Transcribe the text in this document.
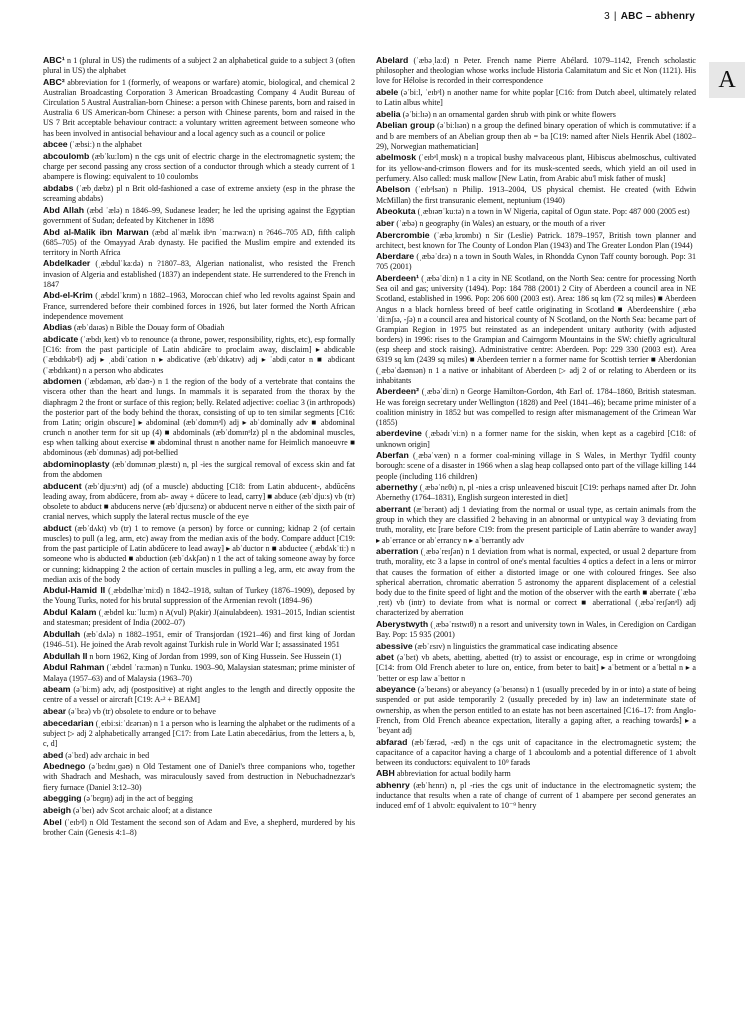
3 | ABC – abhenry
A
ABC¹ n 1 (plural in US) the rudiments of a subject 2 an alphabetical guide to a subject 3 (often plural in US) the alphabet
ABC² abbreviation for 1 (formerly, of weapons or warfare) atomic, biological, and chemical 2 Australian Broadcasting Corporation 3 American Broadcasting Company 4 Audit Bureau of Circulation 5 Austral Australian-born Chinese: a person with Chinese parents, born and raised in Australia 6 US American-born Chinese: a person with Chinese parents, born and raised in the US 7 Brit acceptable behaviour contract: a voluntary written agreement between someone who has been involved in antisocial behaviour and a local agency such as a council or police
abcee (ˈæbsiː) n the alphabet
abcoulomb (æbˈkuːlɒm) n the cgs unit of electric charge in the electromagnetic system; the charge per second passing any cross section of a conductor through which a steady current of 1 abampere is flowing: equivalent to 10 coulombs
abdabs (ˈæbˌdæbz) pl n Brit old-fashioned a case of extreme anxiety (esp in the phrase the screaming abdabs)
Abd Allah (æbd ˈælə) n 1846–99, Sudanese leader; he led the uprising against the Egyptian government of Sudan; defeated by Kitchener in 1898
Abd al-Malik ibn Marwan (æbd alˈmælɪk ibᵊn ˈmaːrwaːn) n ?646–705 AD, fifth caliph (685–705) of the Omayyad Arab dynasty. He pacified the Muslim empire and extended its territory in North Africa
Abdelkader (ˌæbdulˈkaːdə) n ?1807–83, Algerian nationalist, who resisted the French invasion of Algeria and established (1837) an independent state. He surrendered to the French in 1847
Abd-el-Krim (ˌæbdɛlˈkrɪm) n 1882–1963, Moroccan chief who led revolts against Spain and France, surrendered before their combined forces in 1926, but later formed the North African independence movement
Abdias (æbˈdaɪəs) n Bible the Douay form of Obadiah
abdicate (ˈæbdɪˌkeɪt) vb to renounce (a throne, power, responsibility, rights, etc), esp formally [C16: from the past participle of Latin abdicāre to proclaim away, disclaim] ▸ abdicable (ˈæbdɪkəbᵊl) adj ▸ ˌabdiˈcation n ▸ abdicative (æbˈdɪkətɪv) adj ▸ ˈabdiˌcator n ■ abdicant (ˈæbdɪkənt) n a person who abdicates
abdomen (ˈæbdəmən, æbˈdəʊ-) n 1 the region of the body of a vertebrate that contains the viscera other than the heart and lungs. In mammals it is separated from the thorax by the diaphragm 2 the front or surface of this region; belly. Related adjective: coeliac 3 (in arthropods) the posterior part of the body behind the thorax, consisting of up to ten similar segments [C16: from Latin; origin obscure] ▸ abdominal (æbˈdɒmɪnᵊl) adj ▸ abˈdominally adv ■ abdominal crunch n another term for sit up (4) ■ abdominals (æbˈdɒmɪnᵊlz) pl n the abdominal muscles, esp when talking about exercise ■ abdominal thrust n another name for Heimlich manoeuvre ■ abdominous (æbˈdɒmɪnəs) adj pot-bellied
abdominoplasty (æbˈdɒmɪnəʊˌplæstɪ) n, pl -ies the surgical removal of excess skin and fat from the abdomen
abducent (æbˈdjuːsᵊnt) adj (of a muscle) abducting [C18: from Latin abducent-, abdūcēns leading away, from abdūcere, from ab- away + dūcere to lead, carry] ■ abduce (æbˈdjuːs) vb (tr) obsolete to abduct ■ abducens nerve (æbˈdjuːsɛnz) or abducent nerve n either of the sixth pair of cranial nerves, which supply the lateral rectus muscle of the eye
abduct (æbˈdʌkt) vb (tr) 1 to remove (a person) by force or cunning; kidnap 2 (of certain muscles) to pull (a leg, arm, etc) away from the median axis of the body. Compare adduct [C19: from the past participle of Latin abdūcere to lead away] ▸ abˈductor n ■ abductee (ˌæbdʌkˈtiː) n someone who is abducted ■ abduction (æbˈdʌkʃən) n 1 the act of taking someone away by force or cunning; kidnapping 2 the action of certain muscles in pulling a leg, arm, etc away from the median axis of the body
Abdul-Hamid II (ˌæbdʊlhæˈmiːd) n 1842–1918, sultan of Turkey (1876–1909), deposed by the Young Turks, noted for his brutal suppression of the Armenian revolt (1894–96)
Abdul Kalam (ˌæbdʊl kuːˈluːm) n A(vul) P(akir) J(ainulabdeen). 1931–2015, Indian scientist and statesman; president of India (2002–07)
Abdullah (æbˈdʌlə) n 1882–1951, emir of Transjordan (1921–46) and first king of Jordan (1946–51). He joined the Arab revolt against Turkish rule in World War I; assassinated 1951
Abdullah II n born 1962, King of Jordan from 1999, son of King Hussein. See Hussein (1)
Abdul Rahman (ˈæbdʊl ˈraːmən) n Tunku. 1903–90, Malaysian statesman; prime minister of Malaya (1957–63) and of Malaysia (1963–70)
abeam (əˈbiːm) adv, adj (postpositive) at right angles to the length and directly opposite the centre of a vessel or aircraft [C19: A-² + BEAM]
abear (əˈbɛə) vb (tr) obsolete to endure or to behave
abecedarian (ˌeɪbiːsiːˈdɛərɪən) n 1 a person who is learning the alphabet or the rudiments of a subject ▷ adj 2 alphabetically arranged [C17: from Late Latin abecedārius, from the letters a, b, c, d]
abed (əˈbɛd) adv archaic in bed
Abednego (əˈbɛdnɪˌɡəʊ) n Old Testament one of Daniel's three companions who, together with Shadrach and Meshach, was miraculously saved from destruction in Nebuchadnezzar's fiery furnace (Daniel 3:12–30)
abegging (əˈbɛɡɪŋ) adj in the act of begging
abeigh (əˈbeɪ) adv Scot archaic aloof; at a distance
Abel (ˈeɪbᵊl) n Old Testament the second son of Adam and Eve, a shepherd, murdered by his brother Cain (Genesis 4:1–8)
Abelard (ˈæbəˌlaːd) n Peter. French name Pierre Abélard. 1079–1142, French scholastic philosopher and theologian whose works include Historia Calamitatum and Sic et Non (1121). His love for Héloïse is recorded in their correspondence
abele (əˈbiːl, ˈeɪbᵊl) n another name for white poplar [C16: from Dutch abeel, ultimately related to Latin albus white]
abelia (əˈbiːlɪə) n an ornamental garden shrub with pink or white flowers
Abelian group (əˈbiːlɪən) n a group the defined binary operation of which is commutative: if a and b are members of an Abelian group then ab = ba [C19: named after Niels Henrik Abel (1802–29), Norwegian mathematician]
abelmosk (ˈeɪbᵊlˌmɒsk) n a tropical bushy malvaceous plant, Hibiscus abelmoschus, cultivated for its yellow-and-crimson flowers and for its musk-scented seeds, which yield an oil used in perfumery. Also called: musk mallow [New Latin, from Arabic abu'l misk father of musk]
Abelson (ˈeɪbᵊlsən) n Philip. 1913–2004, US physical chemist. He created (with Edwin McMillan) the first transuranic element, neptunium (1940)
Abeokuta (ˌæbɪəʊˈkuːtə) n a town in W Nigeria, capital of Ogun state. Pop: 487 000 (2005 est)
aber (ˈæbə) n geography (in Wales) an estuary, or the mouth of a river
Abercrombie (ˈæbəˌkrɒmbɪ) n Sir (Leslie) Patrick. 1879–1957, British town planner and architect, best known for The County of London Plan (1943) and The Greater London Plan (1944)
Aberdare (ˌæbəˈdɛə) n a town in South Wales, in Rhondda Cynon Taff county borough. Pop: 31 705 (2001)
Aberdeen¹ (ˌæbəˈdiːn) n 1 a city in NE Scotland, on the North Sea: centre for processing North Sea oil and gas; university (1494). Pop: 184 788 (2001) 2 City of Aberdeen a council area in NE Scotland, established in 1996. Pop: 206 600 (2003 est). Area: 186 sq km (72 sq miles) ■ Aberdeen Angus n a black hornless breed of beef cattle originating in Scotland ■ Aberdeenshire (ˌæbəˈdiːnʃɪə, -ʃə) n a council area and historical county of N Scotland, on the North Sea: became part of Grampian Region in 1975 but reinstated as an independent unitary authority (with adjusted borders) in 1996: rises to the Grampian and Cairngorm Mountains in the SW: chiefly agricultural (esp sheep and stock raising). Administrative centre: Aberdeen. Pop: 229 330 (2003 est). Area 6319 sq km (2439 sq miles) ■ Aberdeen terrier n a former name for Scottish terrier ■ Aberdonian (ˌæbəˈdəʊnɪən) n 1 a native or inhabitant of Aberdeen ▷ adj 2 of or relating to Aberdeen or its inhabitants
Aberdeen² (ˌæbəˈdiːn) n George Hamilton-Gordon, 4th Earl of. 1784–1860, British statesman. He was foreign secretary under Wellington (1828) and Peel (1841–46); became prime minister of a coalition ministry in 1852 but was compelled to resign after mismanagement of the Crimean War (1855)
aberdevine (ˌæbədɪˈviːn) n a former name for the siskin, when kept as a cagebird [C18: of unknown origin]
Aberfan (ˌæbəˈvæn) n a former coal-mining village in S Wales, in Merthyr Tydfil county borough: scene of a disaster in 1966 when a slag heap collapsed onto part of the village killing 144 people (including 116 children)
abernethy (ˌæbəˈnɛθɪ) n, pl -nies a crisp unleavened biscuit [C19: perhaps named after Dr. John Abernethy (1764–1831), English surgeon interested in diet]
aberrant (æˈbɛrənt) adj 1 deviating from the normal or usual type, as certain animals from the group in which they are classified 2 behaving in an abnormal or untypical way 3 deviating from truth, morality, etc [rare before C19: from the present participle of Latin aberrāre to wander away] ▸ abˈerrance or abˈerrancy n ▸ aˈberrantly adv
aberration (ˌæbəˈreɪʃən) n 1 deviation from what is normal, expected, or usual 2 departure from truth, morality, etc 3 a lapse in control of one's mental faculties 4 optics a defect in a lens or mirror that causes the formation of either a distorted image or one with coloured fringes. See also spherical aberration, chromatic aberration 5 astronomy the apparent displacement of a celestial body due to the finite speed of light and the motion of the observer with the earth ■ aberrate (ˈæbəˌreɪt) vb (intr) to deviate from what is normal or correct ■ aberrational (ˌæbəˈreɪʃənᵊl) adj characterized by aberration
Aberystwyth (ˌæbəˈrɪstwɪθ) n a resort and university town in Wales, in Ceredigion on Cardigan Bay. Pop: 15 935 (2001)
abessive (æbˈɛsɪv) n linguistics the grammatical case indicating absence
abet (əˈbɛt) vb abets, abetting, abetted (tr) to assist or encourage, esp in crime or wrongdoing [C14: from Old French abeter to lure on, entice, from beter to bait] ▸ aˈbetment or aˈbettal n ▸ aˈbetter or esp law aˈbettor n
abeyance (əˈbeɪəns) or abeyancy (əˈbeɪənsɪ) n 1 (usually preceded by in or into) a state of being suspended or put aside temporarily 2 (usually preceded by in) law an indeterminate state of ownership, as when the person entitled to an estate has not been ascertained [C16–17: from Anglo-French, from Old French abeance expectation, literally a gaping after, a reaching towards] ▸ aˈbeyant adj
abfarad (æbˈfærəd, -æd) n the cgs unit of capacitance in the electromagnetic system; the capacitance of a capacitor having a charge of 1 abcoulomb and a potential difference of 1 abvolt between its conductors: equivalent to 10⁹ farads
ABH abbreviation for actual bodily harm
abhenry (æbˈhɛnrɪ) n, pl -ries the cgs unit of inductance in the electromagnetic system; the inductance that results when a rate of change of current of 1 abampere per second generates an induced emf of 1 abvolt: equivalent to 10⁻⁹ henry
